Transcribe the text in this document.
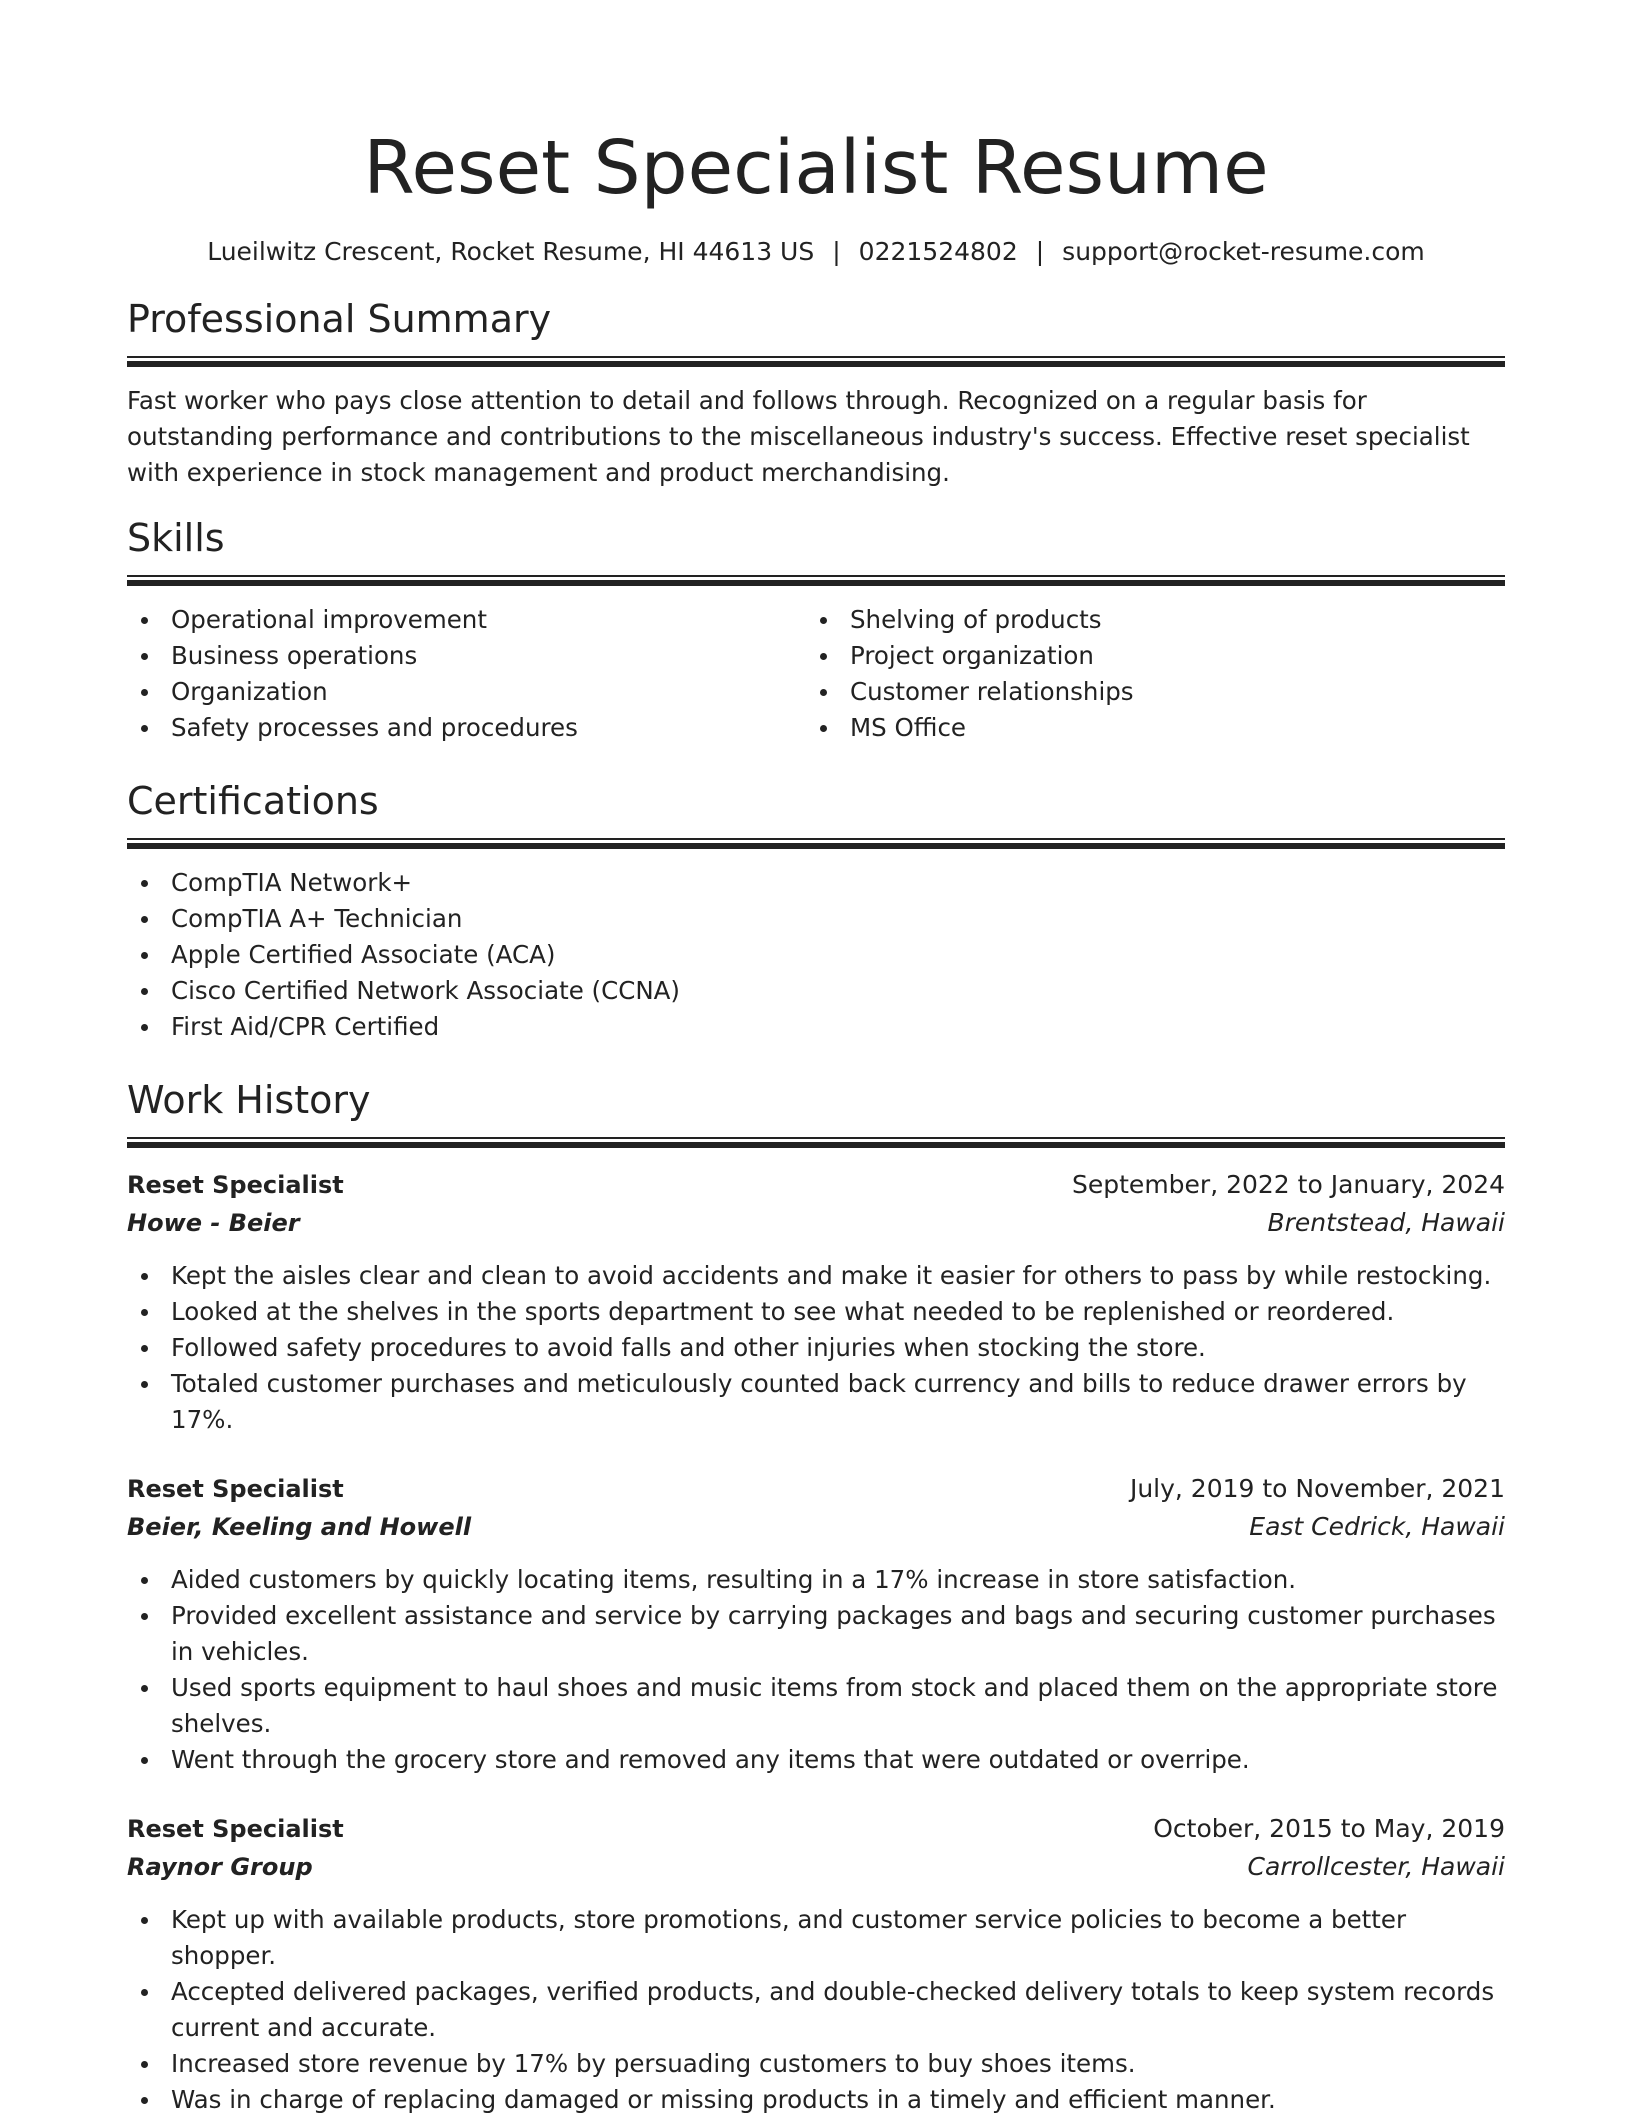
Reset Specialist Resume
Lueilwitz Crescent, Rocket Resume, HI 44613 US | 0221524802 | support@rocket-resume.com
Professional Summary

Fast worker who pays close attention to detail and follows through. Recognized on a regular basis for outstanding performance and contributions to the miscellaneous industry's success. Effective reset specialist with experience in stock management and product merchandising.

Skills
Operational improvement
Business operations
Organization
Safety processes and procedures
Shelving of products
Project organization
Customer relationships
MS Office
Certifications
CompTIA Network+
CompTIA A+ Technician
Apple Certified Associate (ACA)
Cisco Certified Network Associate (CCNA)
First Aid/CPR Certified
Work History
Reset Specialist	September, 2022 to January, 2024
Howe - Beier	Brentstead, Hawaii
Kept the aisles clear and clean to avoid accidents and make it easier for others to pass by while restocking.
Looked at the shelves in the sports department to see what needed to be replenished or reordered.
Followed safety procedures to avoid falls and other injuries when stocking the store.
Totaled customer purchases and meticulously counted back currency and bills to reduce drawer errors by 17%.
Reset Specialist	July, 2019 to November, 2021
Beier, Keeling and Howell	East Cedrick, Hawaii
Aided customers by quickly locating items, resulting in a 17% increase in store satisfaction.
Provided excellent assistance and service by carrying packages and bags and securing customer purchases in vehicles.
Used sports equipment to haul shoes and music items from stock and placed them on the appropriate store shelves.
Went through the grocery store and removed any items that were outdated or overripe.
Reset Specialist	October, 2015 to May, 2019
Raynor Group	Carrollcester, Hawaii
Kept up with available products, store promotions, and customer service policies to become a better shopper.
Accepted delivered packages, verified products, and double-checked delivery totals to keep system records current and accurate.
Increased store revenue by 17% by persuading customers to buy shoes items.
Was in charge of replacing damaged or missing products in a timely and efficient manner.
